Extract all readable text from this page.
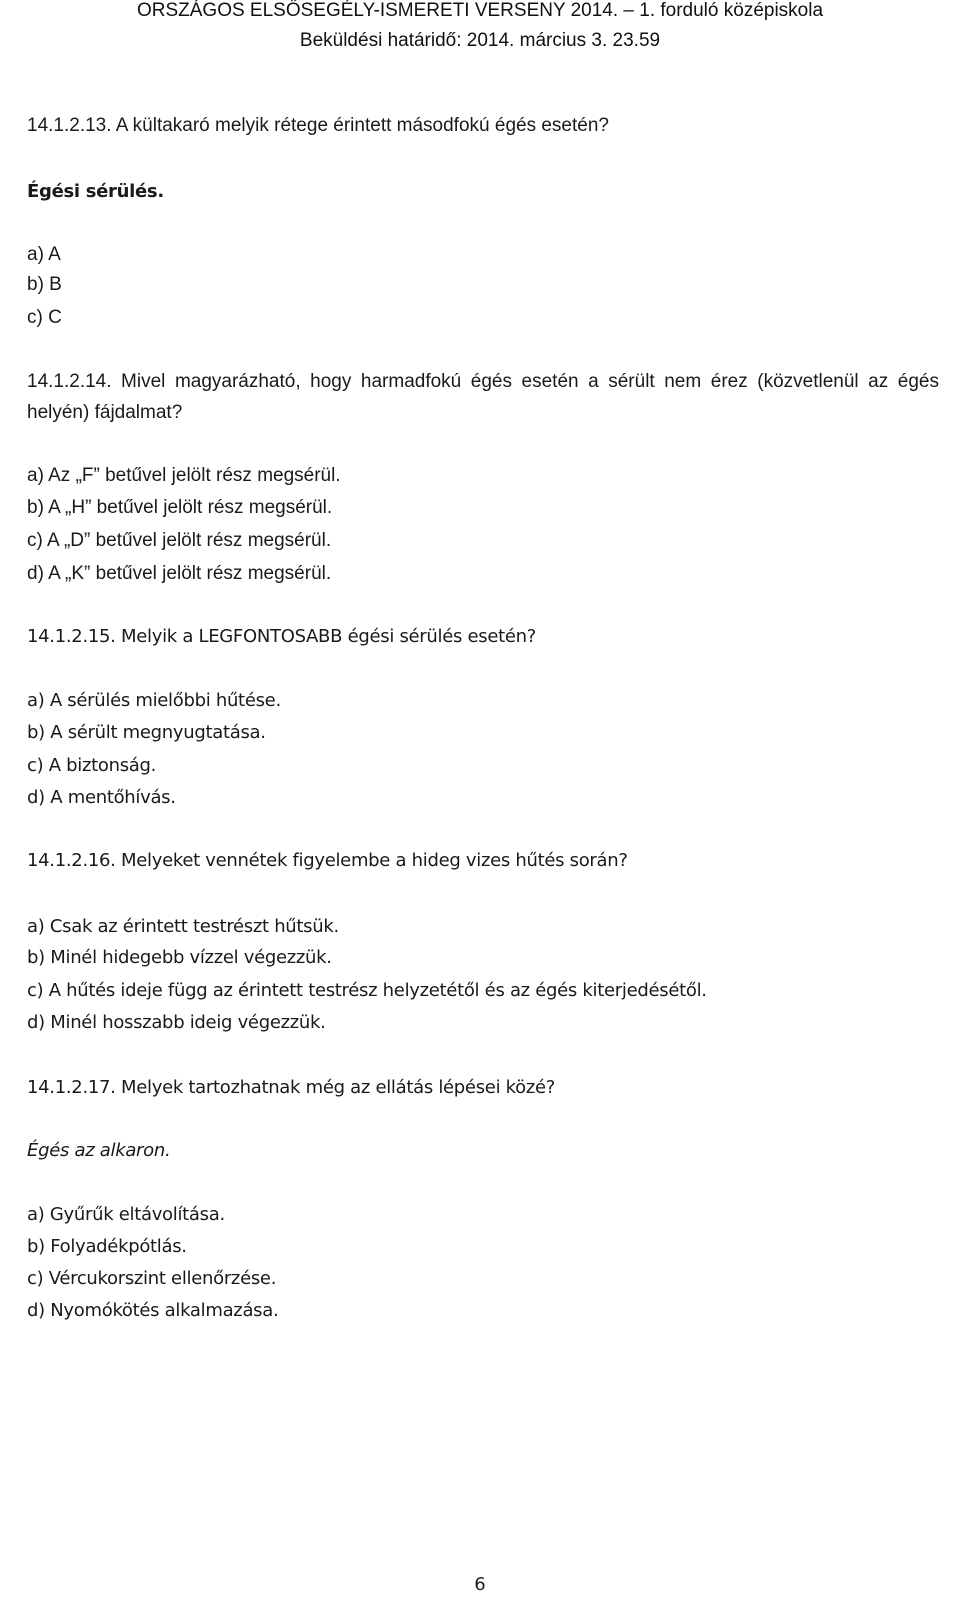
ORSZÁGOS ELSŐSEGÉLY-ISMERETI VERSENY 2014. – 1. forduló középiskola
Beküldési határidő: 2014. március 3. 23.59
14.1.2.13. A kültakaró melyik rétege érintett másodfokú égés esetén?
Égési sérülés.
a) A
b) B
c) C
14.1.2.14. Mivel magyarázható, hogy harmadfokú égés esetén a sérült nem érez (közvetlenül az égés
helyén) fájdalmat?
a) Az „F” betűvel jelölt rész megsérül.
b) A „H” betűvel jelölt rész megsérül.
c) A „D” betűvel jelölt rész megsérül.
d) A „K” betűvel jelölt rész megsérül.
14.1.2.15. Melyik a LEGFONTOSABB égési sérülés esetén?
a) A sérülés mielőbbi hűtése.
b) A sérült megnyugtatása.
c) A biztonság.
d) A mentőhívás.
14.1.2.16. Melyeket vennétek figyelembe a hideg vizes hűtés során?
a) Csak az érintett testrészt hűtsük.
b) Minél hidegebb vízzel végezzük.
c) A hűtés ideje függ az érintett testrész helyzetétől és az égés kiterjedésétől.
d) Minél hosszabb ideig végezzük.
14.1.2.17. Melyek tartozhatnak még az ellátás lépései közé?
Égés az alkaron.
a) Gyűrűk eltávolítása.
b) Folyadékpótlás.
c) Vércukorszint ellenőrzése.
d) Nyomókötés alkalmazása.
6
